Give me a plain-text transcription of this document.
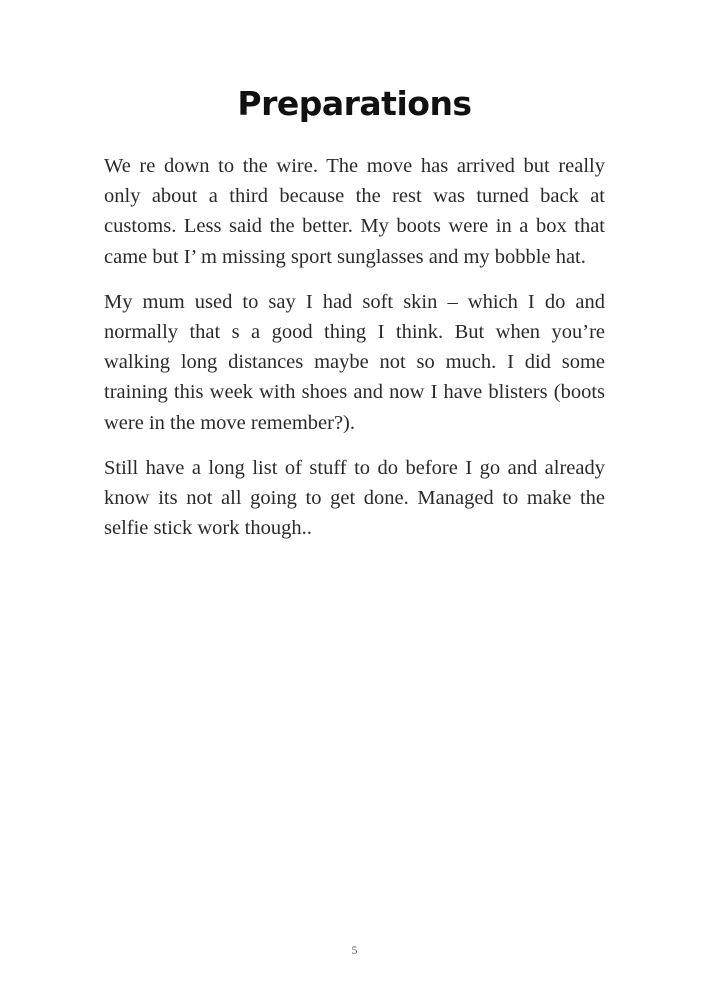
Preparations

We re down to the wire. The move has arrived but really only about a third because the rest was turned back at customs. Less said the better. My boots were in a box that came but I’ m missing sport sunglasses and my bobble hat.

My mum used to say I had soft skin – which I do and normally that s a good thing I think. But when you’re walking long distances maybe not so much. I did some training this week with shoes and now I have blisters (boots were in the move remember?).

Still have a long list of stuff to do before I go and already know its not all going to get done. Managed to make the selfie stick work though..

5
